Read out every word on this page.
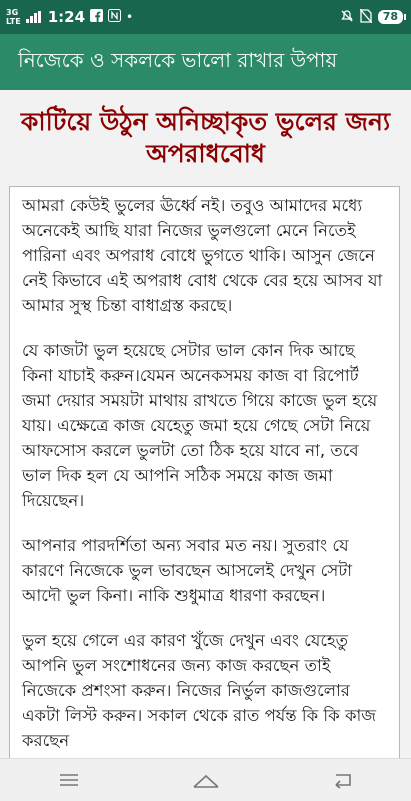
3G
LTE 1:24	•	78
নিজেকে ও সকলকে ভালো রাখার উপায়
কাটিয়ে উঠুন অনিচ্ছাকৃত ভুলের জন্য অপরাধবোধ

আমরা কেউই ভুলের ঊর্ধ্বে নই। তবুও আমাদের মধ্যে অনেকেই আছি যারা নিজের ভুলগুলো মেনে নিতেই পারিনা এবং অপরাধ বোধে ভুগতে থাকি। আসুন জেনে নেই কিভাবে এই অপরাধ বোধ থেকে বের হয়ে আসব যা আমার সুস্থ চিন্তা বাধাগ্রস্ত করছে।

যে কাজটা ভুল হয়েছে সেটার ভাল কোন দিক আছে কিনা যাচাই করুন।যেমন অনেকসময় কাজ বা রিপোর্ট জমা দেয়ার সময়টা মাথায় রাখতে গিয়ে কাজে ভুল হয়ে যায়। এক্ষেত্রে কাজ যেহেতু জমা হয়ে গেছে সেটা নিয়ে আফসোস করলে ভুলটা তো ঠিক হয়ে যাবে না, তবে ভাল দিক হল যে আপনি সঠিক সময়ে কাজ জমা দিয়েছেন।

আপনার পারদর্শিতা অন্য সবার মত নয়। সুতরাং যে কারণে নিজেকে ভুল ভাবছেন আসলেই দেখুন সেটা আদৌ ভুল কিনা। নাকি শুধুমাত্র ধারণা করছেন।

ভুল হয়ে গেলে এর কারণ খুঁজে দেখুন এবং যেহেতু আপনি ভুল সংশোধনের জন্য কাজ করছেন তাই নিজেকে প্রশংসা করুন। নিজের নির্ভুল কাজগুলোর একটা লিস্ট করুন। সকাল থেকে রাত পর্যন্ত কি কি কাজ করছেন
